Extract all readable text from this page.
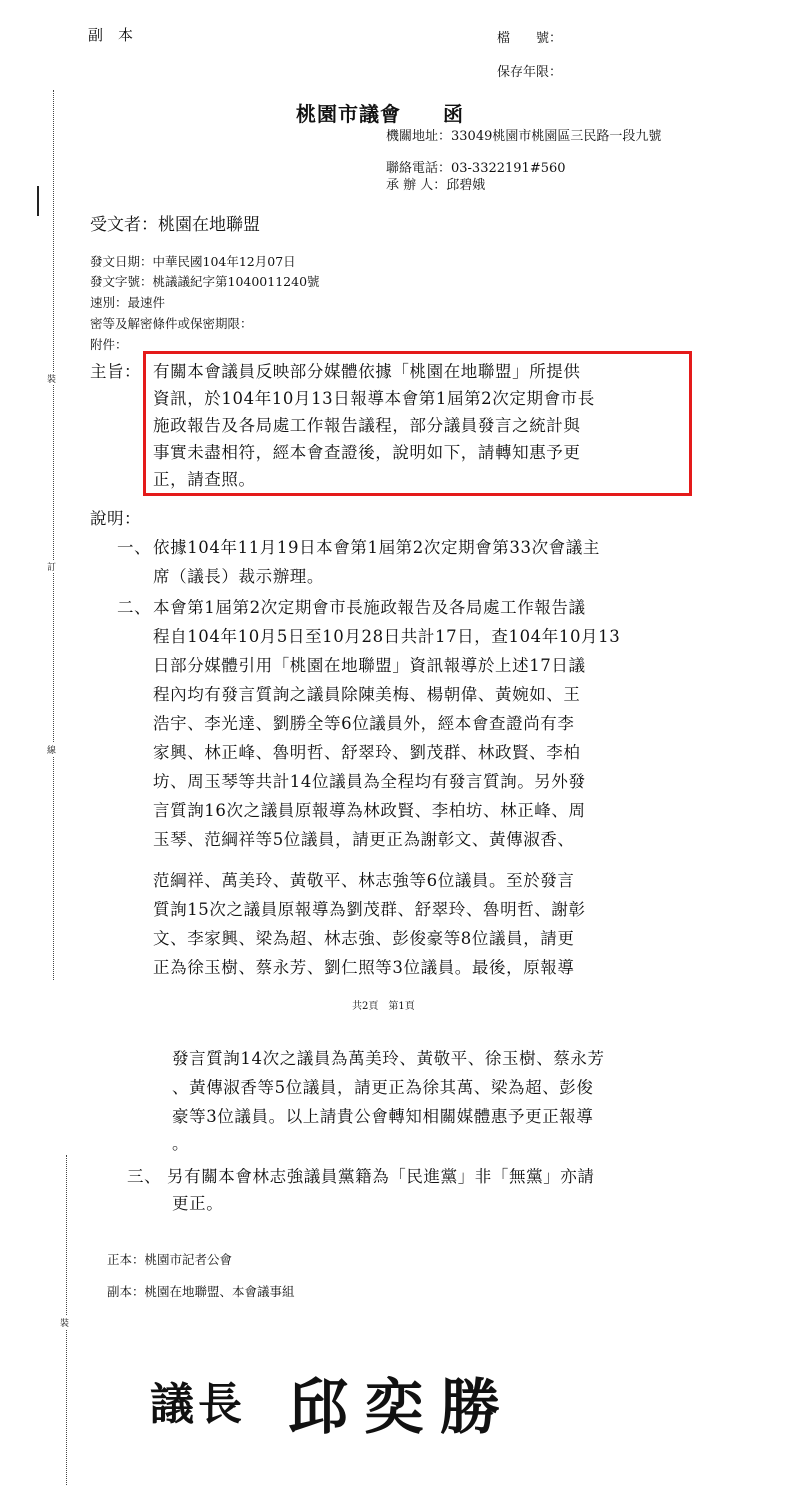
副　本	檔　　號：
保存年限：
桃園市議會　　函
機關地址：33049桃園市桃園區三民路一段九號
聯絡電話：03-3322191#560
承 辦 人：邱碧娥
受文者：桃園在地聯盟
發文日期：中華民國104年12月07日
發文字號：桃議議紀字第1040011240號
速別：最速件
密等及解密條件或保密期限：
附件：
主旨： 有關本會議員反映部分媒體依據「桃園在地聯盟」所提供
資訊，於104年10月13日報導本會第1屆第2次定期會市長
施政報告及各局處工作報告議程，部分議員發言之統計與
事實未盡相符，經本會查證後，說明如下，請轉知惠予更
正，請查照。
說明：
一、 依據104年11月19日本會第1屆第2次定期會第33次會議主
席（議長）裁示辦理。
二、 本會第1屆第2次定期會市長施政報告及各局處工作報告議
程自104年10月5日至10月28日共計17日，查104年10月13
日部分媒體引用「桃園在地聯盟」資訊報導於上述17日議
程內均有發言質詢之議員除陳美梅、楊朝偉、黃婉如、王
浩宇、李光達、劉勝全等6位議員外，經本會查證尚有李
家興、林正峰、魯明哲、舒翠玲、劉茂群、林政賢、李柏
坊、周玉琴等共計14位議員為全程均有發言質詢。另外發
言質詢16次之議員原報導為林政賢、李柏坊、林正峰、周
玉琴、范綱祥等5位議員，請更正為謝彰文、黃傳淑香、
范綱祥、萬美玲、黃敬平、林志強等6位議員。至於發言
質詢15次之議員原報導為劉茂群、舒翠玲、魯明哲、謝彰
文、李家興、梁為超、林志強、彭俊豪等8位議員，請更
正為徐玉樹、蔡永芳、劉仁照等3位議員。最後，原報導
共2頁　第1頁
發言質詢14次之議員為萬美玲、黃敬平、徐玉樹、蔡永芳
、黃傳淑香等5位議員，請更正為徐其萬、梁為超、彭俊
豪等3位議員。以上請貴公會轉知相關媒體惠予更正報導
。
三、 另有關本會林志強議員黨籍為「民進黨」非「無黨」亦請
更正。
正本：桃園市記者公會
副本：桃園在地聯盟、本會議事組
裝
訂
線
裝
議長 邱奕勝
